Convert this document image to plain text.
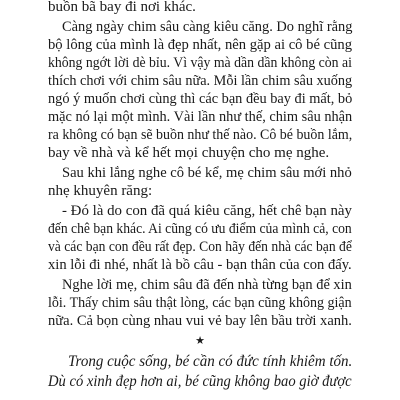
buồn bã bay đi nơi khác.
Càng ngày chim sâu càng kiêu căng. Do nghĩ rằng
bộ lông của mình là đẹp nhất, nên gặp ai cô bé cũng
không ngớt lời dè bỉu. Vì vậy mà dần dần không còn ai
thích chơi với chim sâu nữa. Mỗi lần chim sâu xuống
ngó ý muốn chơi cùng thì các bạn đều bay đi mất, bỏ
mặc nó lại một mình. Vài lần như thế, chim sâu nhận
ra không có bạn sẽ buồn như thế nào. Cô bé buồn lắm,
bay về nhà và kể hết mọi chuyện cho mẹ nghe.
Sau khi lắng nghe cô bé kể, mẹ chim sâu mới nhỏ
nhẹ khuyên răng:
- Đó là do con đã quá kiêu căng, hết chê bạn này
đến chê bạn khác. Ai cũng có ưu điểm của mình cả, con
và các bạn con đều rất đẹp. Con hãy đến nhà các bạn để
xin lỗi đi nhé, nhất là bồ câu - bạn thân của con đấy.
Nghe lời mẹ, chim sâu đã đến nhà từng bạn để xin
lỗi. Thấy chim sâu thật lòng, các bạn cũng không giận
nữa. Cả bọn cùng nhau vui vẻ bay lên bầu trời xanh.
★
Trong cuộc sống, bé cần có đức tính khiêm tốn.
Dù có xinh đẹp hơn ai, bé cũng không bao giờ được
